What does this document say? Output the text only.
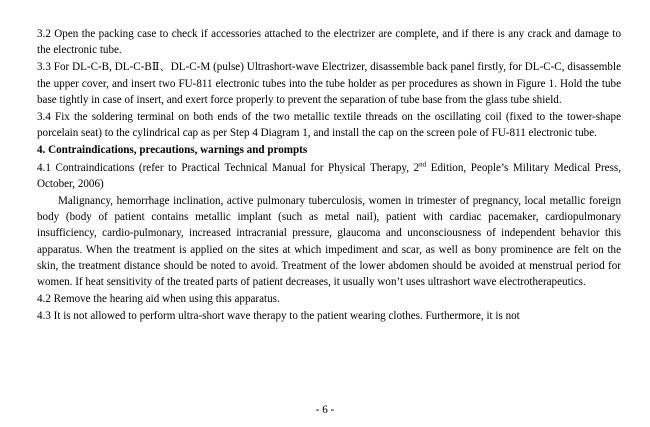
3.2 Open the packing case to check if accessories attached to the electrizer are complete, and if there is any crack and damage to the electronic tube.

3.3 For DL-C-B, DL-C-BⅡ、DL-C-M (pulse) Ultrashort-wave Electrizer, disassemble back panel firstly, for DL-C-C, disassemble the upper cover, and insert two FU-811 electronic tubes into the tube holder as per procedures as shown in Figure 1. Hold the tube base tightly in case of insert, and exert force properly to prevent the separation of tube base from the glass tube shield.

3.4 Fix the soldering terminal on both ends of the two metallic textile threads on the oscillating coil (fixed to the tower-shape porcelain seat) to the cylindrical cap as per Step 4 Diagram 1, and install the cap on the screen pole of FU-811 electronic tube.

4. Contraindications, precautions, warnings and prompts

4.1 Contraindications (refer to Practical Technical Manual for Physical Therapy, 2nd Edition, People’s Military Medical Press, October, 2006)

Malignancy, hemorrhage inclination, active pulmonary tuberculosis, women in trimester of pregnancy, local metallic foreign body (body of patient contains metallic implant (such as metal nail), patient with cardiac pacemaker, cardiopulmonary insufficiency, cardio-pulmonary, increased intracranial pressure, glaucoma and unconsciousness of independent behavior this apparatus. When the treatment is applied on the sites at which impediment and scar, as well as bony prominence are felt on the skin, the treatment distance should be noted to avoid. Treatment of the lower abdomen should be avoided at menstrual period for women. If heat sensitivity of the treated parts of patient decreases, it usually won’t uses ultrashort wave electrotherapeutics.

4.2 Remove the hearing aid when using this apparatus.

4.3 It is not allowed to perform ultra-short wave therapy to the patient wearing clothes. Furthermore, it is not

- 6 -
